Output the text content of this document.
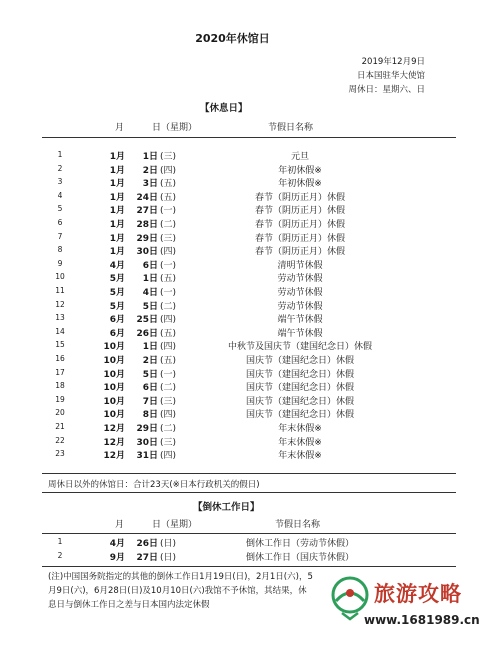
2020年休馆日
2019年12月9日
日本国驻华大使馆
周休日：星期六、日
【休息日】
月	日（星期）	节假日名称
1	1月	1日 (三)	元旦
2	1月	2日 (四)	年初休假※
3	1月	3日 (五)	年初休假※
4	1月	24日 (五)	春节（阴历正月）休假
5	1月	27日 (一)	春节（阴历正月）休假
6	1月	28日 (二)	春节（阴历正月）休假
7	1月	29日 (三)	春节（阴历正月）休假
8	1月	30日 (四)	春节（阴历正月）休假
9	4月	6日 (一)	清明节休假
10	5月	1日 (五)	劳动节休假
11	5月	4日 (一)	劳动节休假
12	5月	5日 (二)	劳动节休假
13	6月	25日 (四)	端午节休假
14	6月	26日 (五)	端午节休假
15	10月	1日 (四)	中秋节及国庆节（建国纪念日）休假
16	10月	2日 (五)	国庆节（建国纪念日）休假
17	10月	5日 (一)	国庆节（建国纪念日）休假
18	10月	6日 (二)	国庆节（建国纪念日）休假
19	10月	7日 (三)	国庆节（建国纪念日）休假
20	10月	8日 (四)	国庆节（建国纪念日）休假
21	12月	29日 (二)	年末休假※
22	12月	30日 (三)	年末休假※
23	12月	31日 (四)	年末休假※
周休日以外的休馆日：合计23天(※日本行政机关的假日)
【倒休工作日】
月	日（星期）	节假日名称
1	4月	26日 (日)	倒休工作日（劳动节休假）
2	9月	27日 (日)	倒休工作日（国庆节休假）
(注)中国国务院指定的其他的倒休工作日1月19日(日)，2月1日(六)，5
月9日(六)，6月28日(日)及10月10日(六)我馆不予休馆，其结果，休
息日与倒休工作日之差与日本国内法定休假	旅游攻略
www.1681989.cn
